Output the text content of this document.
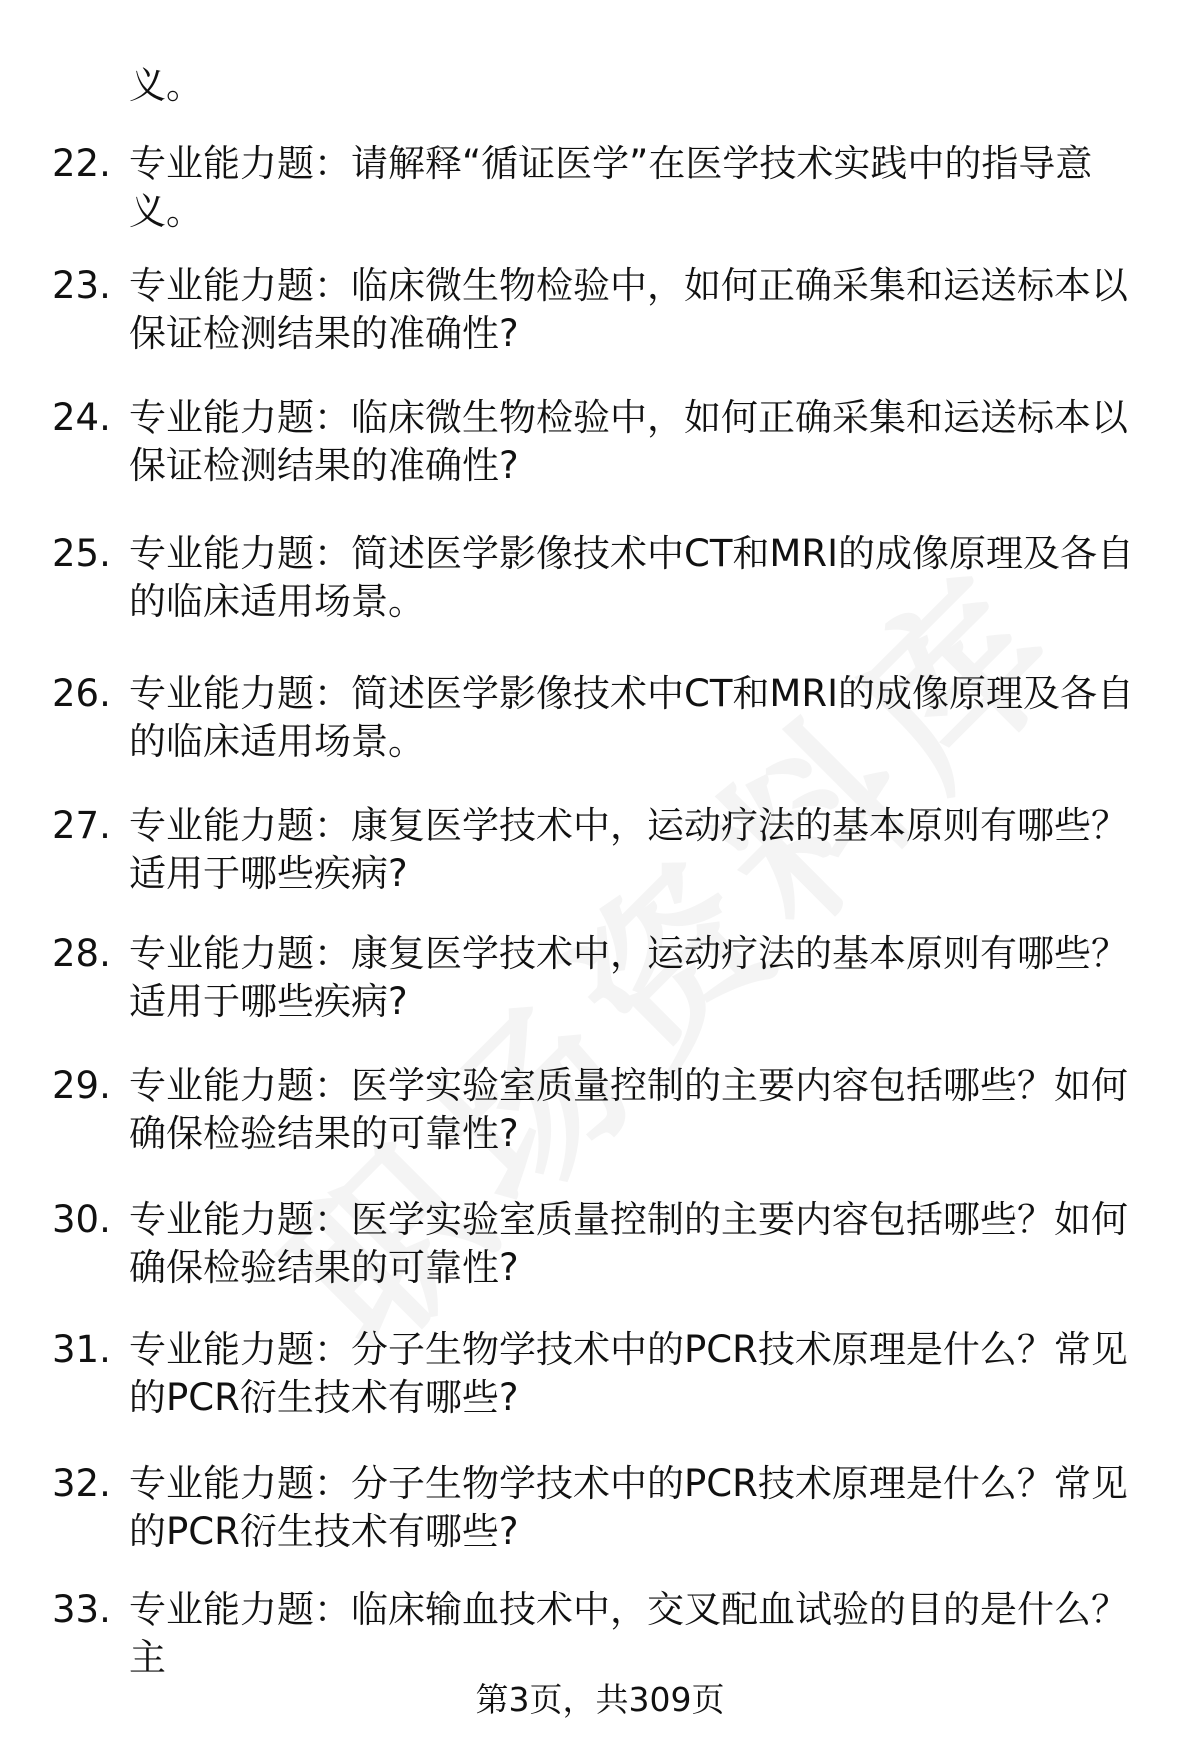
义。
22. 专业能力题：请解释“循证医学”在医学技术实践中的指导意义。
23. 专业能力题：临床微生物检验中，如何正确采集和运送标本以保证检测结果的准确性?
24. 专业能力题：临床微生物检验中，如何正确采集和运送标本以保证检测结果的准确性?
25. 专业能力题：简述医学影像技术中CT和MRI的成像原理及各自的临床适用场景。
26. 专业能力题：简述医学影像技术中CT和MRI的成像原理及各自的临床适用场景。
27. 专业能力题：康复医学技术中，运动疗法的基本原则有哪些？适用于哪些疾病?
28. 专业能力题：康复医学技术中，运动疗法的基本原则有哪些？适用于哪些疾病?
29. 专业能力题：医学实验室质量控制的主要内容包括哪些？如何确保检验结果的可靠性?
30. 专业能力题：医学实验室质量控制的主要内容包括哪些？如何确保检验结果的可靠性?
31. 专业能力题：分子生物学技术中的PCR技术原理是什么？常见的PCR衍生技术有哪些?
32. 专业能力题：分子生物学技术中的PCR技术原理是什么？常见的PCR衍生技术有哪些?
33. 专业能力题：临床输血技术中，交叉配血试验的目的是什么？主
第3页，共309页
